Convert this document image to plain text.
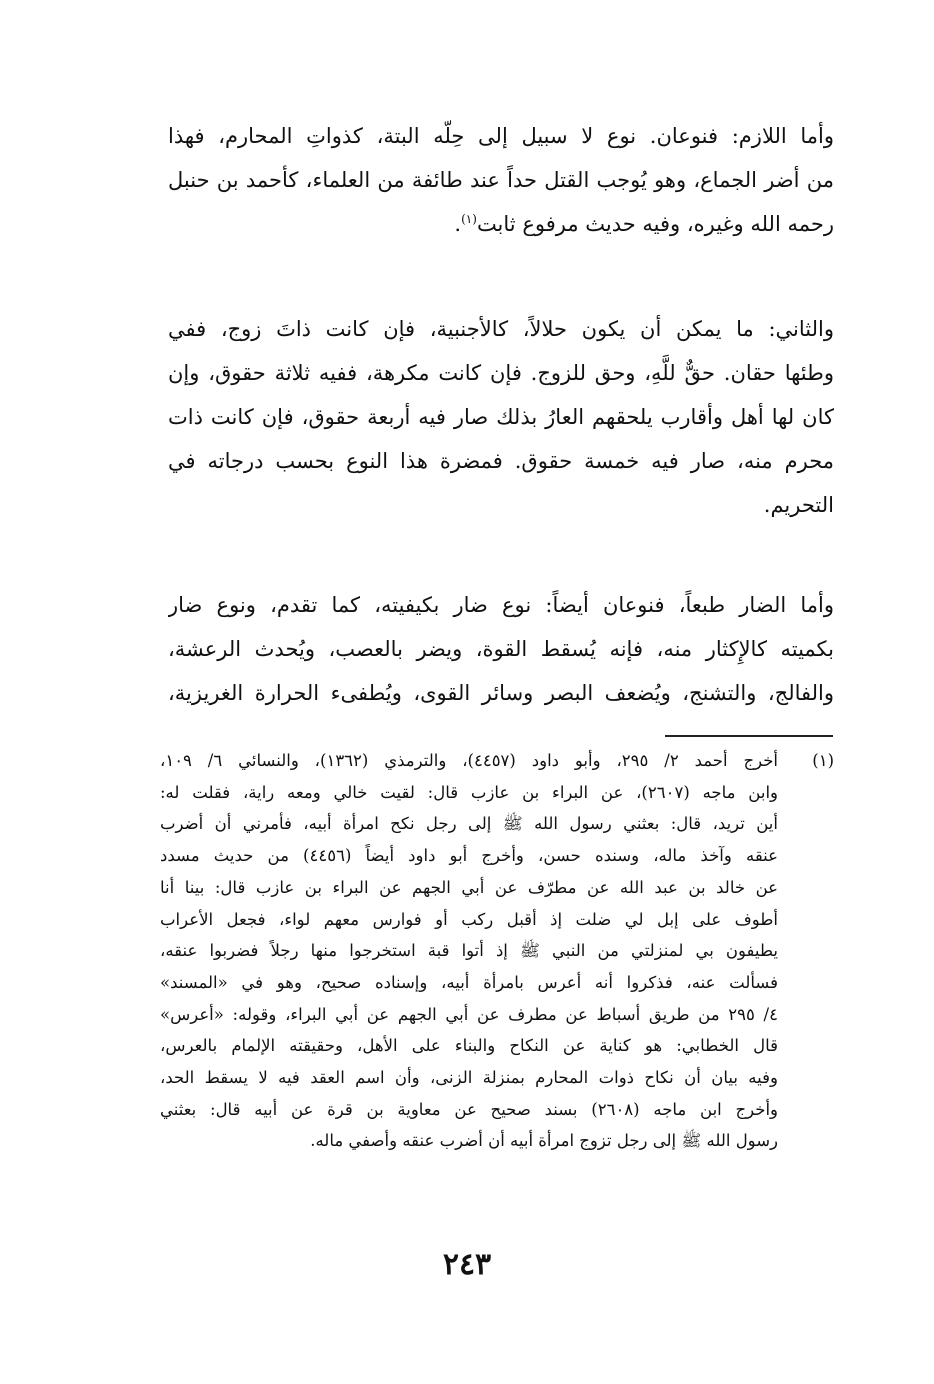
وأما اللازم: فنوعان. نوع لا سبيل إلى حِلّه البتة، كذواتِ المحارم، فهذا
من أضر الجماع، وهو يُوجب القتل حداً عند طائفة من العلماء، كأحمد بن حنبل
رحمه الله وغيره، وفيه حديث مرفوع ثابت$^{(١)}$.
والثاني: ما يمكن أن يكون حلالاً، كالأجنبية، فإن كانت ذاتَ زوج، ففي
وطئها حقان. حقٌّ للَّهِ، وحق للزوج. فإن كانت مكرهة، ففيه ثلاثة حقوق، وإن
كان لها أهل وأقارب يلحقهم العارُ بذلك صار فيه أربعة حقوق، فإن كانت ذات
محرم منه، صار فيه خمسة حقوق. فمضرة هذا النوع بحسب درجاته في
التحريم.
وأما الضار طبعاً، فنوعان أيضاً: نوع ضار بكيفيته، كما تقدم، ونوع ضار
بكميته كالإِكثار منه، فإنه يُسقط القوة، ويضر بالعصب، ويُحدث الرعشة،
والفالج، والتشنج، ويُضعف البصر وسائر القوى، ويُطفىء الحرارة الغريزية،
(١)
أخرج أحمد ٢/ ٢٩٥، وأبو داود (٤٤٥٧)، والترمذي (١٣٦٢)، والنسائي ٦/ ١٠٩،
وابن ماجه (٢٦٠٧)، عن البراء بن عازب قال: لقيت خالي ومعه راية، فقلت له:
أين تريد، قال: بعثني رسول الله ﷺ إلى رجل نكح امرأة أبيه، فأمرني أن أضرب
عنقه وآخذ ماله، وسنده حسن، وأخرج أبو داود أيضاً (٤٤٥٦) من حديث مسدد
عن خالد بن عبد الله عن مطرّف عن أبي الجهم عن البراء بن عازب قال: بينا أنا
أطوف على إبل لي ضلت إذ أقبل ركب أو فوارس معهم لواء، فجعل الأعراب
يطيفون بي لمنزلتي من النبي ﷺ إذ أتوا قبة استخرجوا منها رجلاً فضربوا عنقه،
فسألت عنه، فذكروا أنه أعرس بامرأة أبيه، وإسناده صحيح، وهو في «المسند»
٤/ ٢٩٥ من طريق أسباط عن مطرف عن أبي الجهم عن أبي البراء، وقوله: «أعرس»
قال الخطابي: هو كناية عن النكاح والبناء على الأهل، وحقيقته الإلمام بالعرس،
وفيه بيان أن نكاح ذوات المحارم بمنزلة الزنى، وأن اسم العقد فيه لا يسقط الحد،
وأخرج ابن ماجه (٢٦٠٨) بسند صحيح عن معاوية بن قرة عن أبيه قال: بعثني
رسول الله ﷺ إلى رجل تزوج امرأة أبيه أن أضرب عنقه وأصفي ماله.
٢٤٣
